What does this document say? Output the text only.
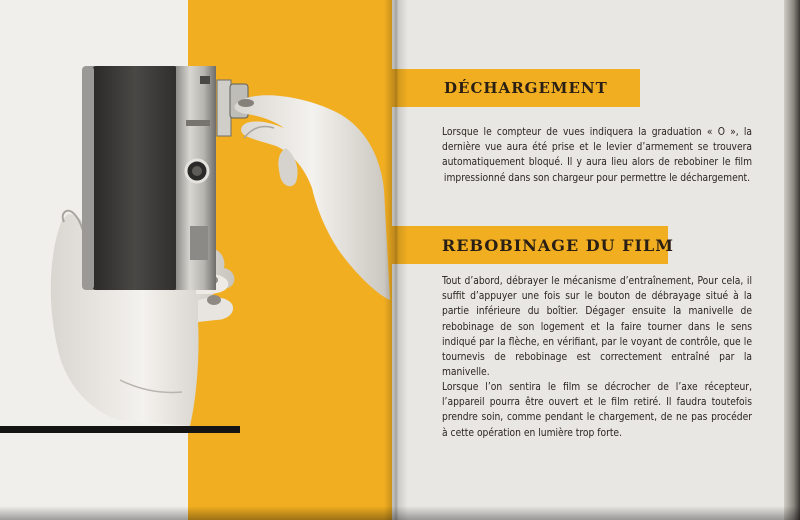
DÉCHARGEMENT

Lorsque le compteur de vues indiquera la graduation « O », la dernière vue aura été prise et le levier d’armement se trouvera automatiquement bloqué. Il y aura lieu alors de rebobiner le film impressionné dans son chargeur pour permettre le déchargement.

REBOBINAGE DU FILM

Tout d’abord, débrayer le mécanisme d’entraînement, Pour cela, il suffit d’appuyer une fois sur le bouton de débrayage situé à la partie inférieure du boîtier. Dégager ensuite la manivelle de rebobinage de son logement et la faire tourner dans le sens indiqué par la flèche, en vérifiant, par le voyant de contrôle, que le tournevis de rebobinage est correctement entraîné par la manivelle.

Lorsque l’on sentira le film se décrocher de l’axe récepteur, l’appareil pourra être ouvert et le film retiré. Il faudra toutefois prendre soin, comme pendant le chargement, de ne pas procéder à cette opération en lumière trop forte.
